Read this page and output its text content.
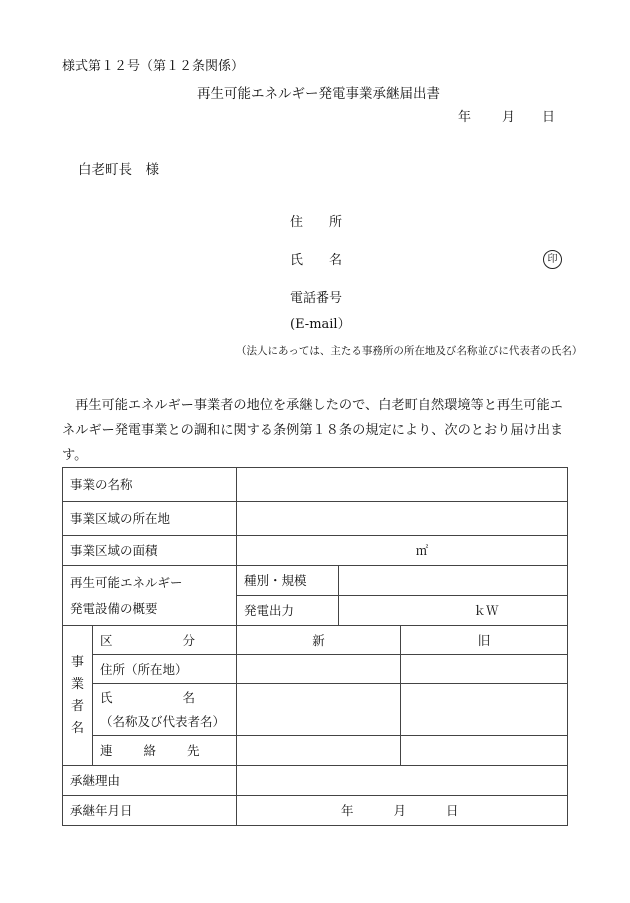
様式第１２号（第１２条関係）
再生可能エネルギー発電事業承継届出書
年 月 日
白老町長　様
住　　所
氏　　名	印
電話番号
(E-mail）
（法人にあっては、主たる事務所の所在地及び名称並びに代表者の氏名）
　再生可能エネルギー事業者の地位を承継したので、白老町自然環境等と再生可能エ
ネルギー発電事業との調和に関する条例第１８条の規定により、次のとおり届け出ま
す。
事業の名称				
事業区域の所在地				
事業区域の面積		㎡		

再生可能エネルギー
発電設備の概要		種別・規模		
		発電出力	ｋＷ	

事
業
者
名	区 分	新		旧
	住所（所在地）			

	氏 名
（名称及び代表者名）			

	連 絡 先			
承継理由				
承継年月日		年 月 日		
